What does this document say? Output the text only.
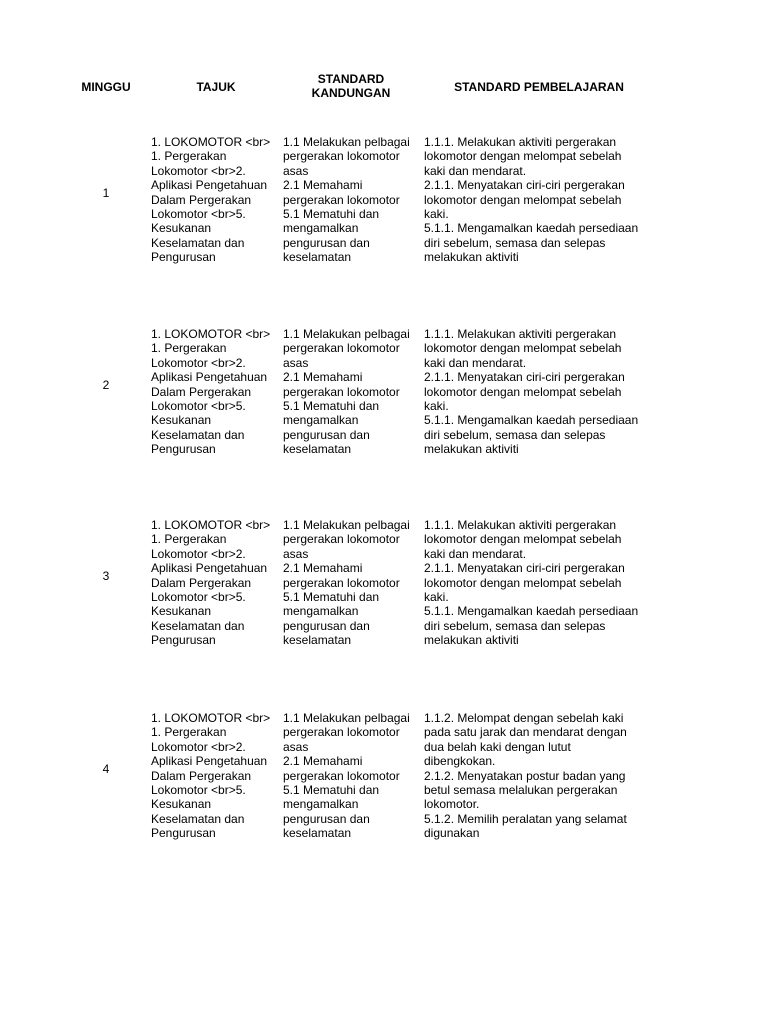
MINGGU	TAJUK
STANDARD
KANDUNGAN	STANDARD PEMBELAJARAN
1
1. LOKOMOTOR <br>
1. Pergerakan
Lokomotor <br>2.
Aplikasi Pengetahuan
Dalam Pergerakan
Lokomotor <br>5.
Kesukanan
Keselamatan dan
Pengurusan
1.1 Melakukan pelbagai
pergerakan lokomotor
asas
2.1 Memahami
pergerakan lokomotor
5.1 Mematuhi dan
mengamalkan
pengurusan dan
keselamatan
1.1.1. Melakukan aktiviti pergerakan
lokomotor dengan melompat sebelah
kaki dan mendarat.
2.1.1. Menyatakan ciri-ciri pergerakan
lokomotor dengan melompat sebelah
kaki.
5.1.1. Mengamalkan kaedah persediaan
diri sebelum, semasa dan selepas
melakukan aktiviti
2
1. LOKOMOTOR <br>
1. Pergerakan
Lokomotor <br>2.
Aplikasi Pengetahuan
Dalam Pergerakan
Lokomotor <br>5.
Kesukanan
Keselamatan dan
Pengurusan
1.1 Melakukan pelbagai
pergerakan lokomotor
asas
2.1 Memahami
pergerakan lokomotor
5.1 Mematuhi dan
mengamalkan
pengurusan dan
keselamatan
1.1.1. Melakukan aktiviti pergerakan
lokomotor dengan melompat sebelah
kaki dan mendarat.
2.1.1. Menyatakan ciri-ciri pergerakan
lokomotor dengan melompat sebelah
kaki.
5.1.1. Mengamalkan kaedah persediaan
diri sebelum, semasa dan selepas
melakukan aktiviti
3
1. LOKOMOTOR <br>
1. Pergerakan
Lokomotor <br>2.
Aplikasi Pengetahuan
Dalam Pergerakan
Lokomotor <br>5.
Kesukanan
Keselamatan dan
Pengurusan
1.1 Melakukan pelbagai
pergerakan lokomotor
asas
2.1 Memahami
pergerakan lokomotor
5.1 Mematuhi dan
mengamalkan
pengurusan dan
keselamatan
1.1.1. Melakukan aktiviti pergerakan
lokomotor dengan melompat sebelah
kaki dan mendarat.
2.1.1. Menyatakan ciri-ciri pergerakan
lokomotor dengan melompat sebelah
kaki.
5.1.1. Mengamalkan kaedah persediaan
diri sebelum, semasa dan selepas
melakukan aktiviti
4
1. LOKOMOTOR <br>
1. Pergerakan
Lokomotor <br>2.
Aplikasi Pengetahuan
Dalam Pergerakan
Lokomotor <br>5.
Kesukanan
Keselamatan dan
Pengurusan
1.1 Melakukan pelbagai
pergerakan lokomotor
asas
2.1 Memahami
pergerakan lokomotor
5.1 Mematuhi dan
mengamalkan
pengurusan dan
keselamatan
1.1.2. Melompat dengan sebelah kaki
pada satu jarak dan mendarat dengan
dua belah kaki dengan lutut
dibengkokan.
2.1.2. Menyatakan postur badan yang
betul semasa melalukan pergerakan
lokomotor.
5.1.2. Memilih peralatan yang selamat
digunakan
